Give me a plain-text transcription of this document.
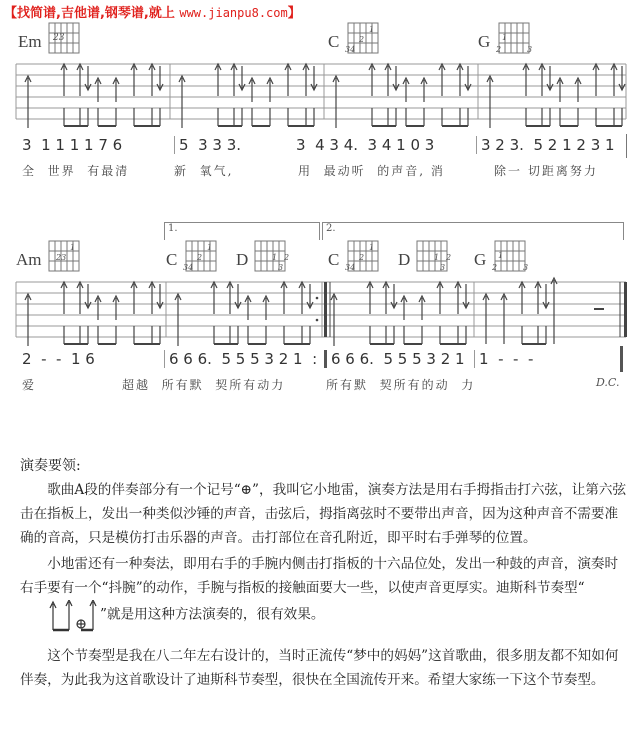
【找简谱,吉他谱,钢琴谱,就上 www.jianpu8.com】
Em 23	C
1
2
34	G 1
2	3
3  1 1 1 1 7 6	5  3 3 3.	3  4 3 4.  3 4 1 0 3	3 2 3.  5 2 1 2 3 1
全  世界  有最清	新  氧气,	用  最动听  的声音, 消	除一 切距离努力
1.	2.
Am
1
23	C
1
2
34 D	1 2
3	C
1
2
34 D	1 2
3 G 1
2	3
2  -  -  1 6	6 6 6.  5 5 5 3 2 1  : 6 6 6.  5 5 5 3 2 1 1  -  -  -
爱	超越  所有默  契所有动力	所有默  契所有的动  力	D.C.
演奏要领:

歌曲A段的伴奏部分有一个记号“⊕”，我叫它小地雷，演奏方法是用右手拇指击打六弦，让第六弦击在指板上，发出一种类似沙锤的声音，击弦后，拇指离弦时不要带出声音，因为这种声音不需要准确的音高，只是模仿打击乐器的声音。击打部位在音孔附近，即平时右手弹琴的位置。

小地雷还有一种奏法，即用右手的手腕内侧击打指板的十六品位处，发出一种鼓的声音，演奏时右手要有一个“抖腕”的动作，手腕与指板的接触面要大一些，以使声音更厚实。迪斯科节奏型“”就是用这种方法演奏的，很有效果。

这个节奏型是我在八二年左右设计的，当时正流传“梦中的妈妈”这首歌曲，很多朋友都不知如何伴奏，为此我为这首歌设计了迪斯科节奏型，很快在全国流传开来。希望大家练一下这个节奏型。
